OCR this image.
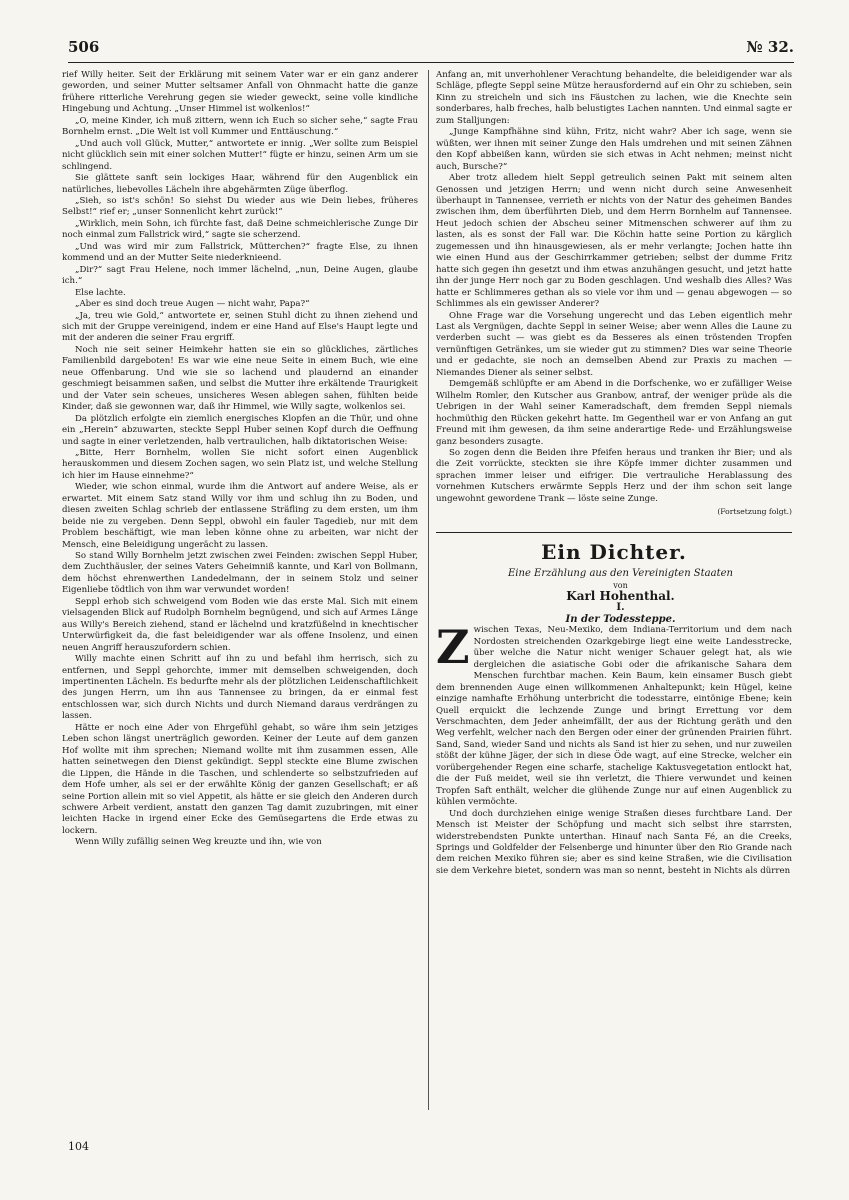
506	№ 32.

rief Willy heiter. Seit der Erklärung mit seinem Vater war er ein ganz anderer geworden, und seiner Mutter seltsamer Anfall von Ohnmacht hatte die ganze frühere ritterliche Verehrung gegen sie wieder geweckt, seine volle kindliche Hingebung und Achtung. „Unser Himmel ist wolkenlos!“

„O, meine Kinder, ich muß zittern, wenn ich Euch so sicher sehe,“ sagte Frau Bornhelm ernst. „Die Welt ist voll Kummer und Enttäuschung.“

„Und auch voll Glück, Mutter,“ antwortete er innig. „Wer sollte zum Beispiel nicht glücklich sein mit einer solchen Mutter!“ fügte er hinzu, seinen Arm um sie schlingend.

Sie glättete sanft sein lockiges Haar, während für den Augenblick ein natürliches, liebevolles Lächeln ihre abgehärmten Züge überflog.

„Sieh, so ist's schön! So siehst Du wieder aus wie Dein liebes, früheres Selbst!“ rief er; „unser Sonnenlicht kehrt zurück!“

„Wirklich, mein Sohn, ich fürchte fast, daß Deine schmeichlerische Zunge Dir noch einmal zum Fallstrick wird,“ sagte sie scherzend.

„Und was wird mir zum Fallstrick, Mütterchen?“ fragte Else, zu ihnen kommend und an der Mutter Seite niederknieend.

„Dir?“ sagt Frau Helene, noch immer lächelnd, „nun, Deine Augen, glaube ich.“

Else lachte.

„Aber es sind doch treue Augen — nicht wahr, Papa?“

„Ja, treu wie Gold,“ antwortete er, seinen Stuhl dicht zu ihnen ziehend und sich mit der Gruppe vereinigend, indem er eine Hand auf Else's Haupt legte und mit der anderen die seiner Frau ergriff.

Noch nie seit seiner Heimkehr hatten sie ein so glückliches, zärtliches Familienbild dargeboten! Es war wie eine neue Seite in einem Buch, wie eine neue Offenbarung. Und wie sie so lachend und plaudernd an einander geschmiegt beisammen saßen, und selbst die Mutter ihre erkältende Traurigkeit und der Vater sein scheues, unsicheres Wesen ablegen sahen, fühlten beide Kinder, daß sie gewonnen war, daß ihr Himmel, wie Willy sagte, wolkenlos sei.

Da plötzlich erfolgte ein ziemlich energisches Klopfen an die Thür, und ohne ein „Herein“ abzuwarten, steckte Seppl Huber seinen Kopf durch die Oeffnung und sagte in einer verletzenden, halb vertraulichen, halb diktatorischen Weise:

„Bitte, Herr Bornhelm, wollen Sie nicht sofort einen Augenblick herauskommen und diesem Zochen sagen, wo sein Platz ist, und welche Stellung ich hier im Hause einnehme?“

Wieder, wie schon einmal, wurde ihm die Antwort auf andere Weise, als er erwartet. Mit einem Satz stand Willy vor ihm und schlug ihn zu Boden, und diesen zweiten Schlag schrieb der entlassene Sträfling zu dem ersten, um ihm beide nie zu vergeben. Denn Seppl, obwohl ein fauler Tagedieb, nur mit dem Problem beschäftigt, wie man leben könne ohne zu arbeiten, war nicht der Mensch, eine Beleidigung ungerächt zu lassen.

So stand Willy Bornhelm jetzt zwischen zwei Feinden: zwischen Seppl Huber, dem Zuchthäusler, der seines Vaters Geheimniß kannte, und Karl von Bollmann, dem höchst ehrenwerthen Landedelmann, der in seinem Stolz und seiner Eigenliebe tödtlich von ihm war verwundet worden!

Seppl erhob sich schweigend vom Boden wie das erste Mal. Sich mit einem vielsagenden Blick auf Rudolph Bornhelm begnügend, und sich auf Armes Länge aus Willy's Bereich ziehend, stand er lächelnd und kratzfüßelnd in knechtischer Unterwürfigkeit da, die fast beleidigender war als offene Insolenz, und einen neuen Angriff herauszufordern schien.

Willy machte einen Schritt auf ihn zu und befahl ihm herrisch, sich zu entfernen, und Seppl gehorchte, immer mit demselben schweigenden, doch impertinenten Lächeln. Es bedurfte mehr als der plötzlichen Leidenschaftlichkeit des jungen Herrn, um ihn aus Tannensee zu bringen, da er einmal fest entschlossen war, sich durch Nichts und durch Niemand daraus verdrängen zu lassen.

Hätte er noch eine Ader von Ehrgefühl gehabt, so wäre ihm sein jetziges Leben schon längst unerträglich geworden. Keiner der Leute auf dem ganzen Hof wollte mit ihm sprechen; Niemand wollte mit ihm zusammen essen, Alle hatten seinetwegen den Dienst gekündigt. Seppl steckte eine Blume zwischen die Lippen, die Hände in die Taschen, und schlenderte so selbstzufrieden auf dem Hofe umher, als sei er der erwählte König der ganzen Gesellschaft; er aß seine Portion allein mit so viel Appetit, als hätte er sie gleich den Anderen durch schwere Arbeit verdient, anstatt den ganzen Tag damit zuzubringen, mit einer leichten Hacke in irgend einer Ecke des Gemüsegartens die Erde etwas zu lockern.

Wenn Willy zufällig seinen Weg kreuzte und ihn, wie von

Anfang an, mit unverhohlener Verachtung behandelte, die beleidigender war als Schläge, pflegte Seppl seine Mütze herausfordernd auf ein Ohr zu schieben, sein Kinn zu streicheln und sich ins Fäustchen zu lachen, wie die Knechte sein sonderbares, halb freches, halb belustigtes Lachen nannten. Und einmal sagte er zum Stalljungen:

„Junge Kampfhähne sind kühn, Fritz, nicht wahr? Aber ich sage, wenn sie wüßten, wer ihnen mit seiner Zunge den Hals umdrehen und mit seinen Zähnen den Kopf abbeißen kann, würden sie sich etwas in Acht nehmen; meinst nicht auch, Bursche?“

Aber trotz alledem hielt Seppl getreulich seinen Pakt mit seinem alten Genossen und jetzigen Herrn; und wenn nicht durch seine Anwesenheit überhaupt in Tannensee, verrieth er nichts von der Natur des geheimen Bandes zwischen ihm, dem überführten Dieb, und dem Herrn Bornhelm auf Tannensee. Heut jedoch schien der Abscheu seiner Mitmenschen schwerer auf ihm zu lasten, als es sonst der Fall war. Die Köchin hatte seine Portion zu kärglich zugemessen und ihn hinausgewiesen, als er mehr verlangte; Jochen hatte ihn wie einen Hund aus der Geschirrkammer getrieben; selbst der dumme Fritz hatte sich gegen ihn gesetzt und ihm etwas anzuhängen gesucht, und jetzt hatte ihn der junge Herr noch gar zu Boden geschlagen. Und weshalb dies Alles? Was hatte er Schlimmeres gethan als so viele vor ihm und — genau abgewogen — so Schlimmes als ein gewisser Anderer?

Ohne Frage war die Vorsehung ungerecht und das Leben eigentlich mehr Last als Vergnügen, dachte Seppl in seiner Weise; aber wenn Alles die Laune zu verderben sucht — was giebt es da Besseres als einen tröstenden Tropfen vernünftigen Getränkes, um sie wieder gut zu stimmen? Dies war seine Theorie und er gedachte, sie noch an demselben Abend zur Praxis zu machen — Niemandes Diener als seiner selbst.

Demgemäß schlüpfte er am Abend in die Dorfschenke, wo er zufälliger Weise Wilhelm Romler, den Kutscher aus Granbow, antraf, der weniger prüde als die Uebrigen in der Wahl seiner Kameradschaft, dem fremden Seppl niemals hochmüthig den Rücken gekehrt hatte. Im Gegentheil war er von Anfang an gut Freund mit ihm gewesen, da ihm seine anderartige Rede- und Erzählungsweise ganz besonders zusagte.

So zogen denn die Beiden ihre Pfeifen heraus und tranken ihr Bier; und als die Zeit vorrückte, steckten sie ihre Köpfe immer dichter zusammen und sprachen immer leiser und eifriger. Die vertrauliche Herablassung des vornehmen Kutschers erwärmte Seppls Herz und der ihm schon seit lange ungewohnt gewordene Trank — löste seine Zunge.

(Fortsetzung folgt.)
Ein Dichter.

Eine Erzählung aus den Vereinigten Staaten

von

Karl Hohenthal.

I.

In der Todessteppe.

Zwischen Texas, Neu-Mexiko, dem Indiana-Territorium und dem nach Nordosten streichenden Ozarkgebirge liegt eine weite Landesstrecke, über welche die Natur nicht weniger Schauer gelegt hat, als wie dergleichen die asiatische Gobi oder die afrikanische Sahara dem Menschen furchtbar machen. Kein Baum, kein einsamer Busch giebt dem brennenden Auge einen willkommenen Anhaltepunkt; kein Hügel, keine einzige namhafte Erhöhung unterbricht die todesstarre, eintönige Ebene; kein Quell erquickt die lechzende Zunge und bringt Errettung vor dem Verschmachten, dem Jeder anheimfällt, der aus der Richtung geräth und den Weg verfehlt, welcher nach den Bergen oder einer der grünenden Prairien führt. Sand, Sand, wieder Sand und nichts als Sand ist hier zu sehen, und nur zuweilen stößt der kühne Jäger, der sich in diese Öde wagt, auf eine Strecke, welcher ein vorübergehender Regen eine scharfe, stachelige Kaktusvegetation entlockt hat, die der Fuß meidet, weil sie ihn verletzt, die Thiere verwundet und keinen Tropfen Saft enthält, welcher die glühende Zunge nur auf einen Augenblick zu kühlen vermöchte.

Und doch durchziehen einige wenige Straßen dieses furchtbare Land. Der Mensch ist Meister der Schöpfung und macht sich selbst ihre starrsten, widerstrebendsten Punkte unterthan. Hinauf nach Santa Fé, an die Creeks, Springs und Goldfelder der Felsenberge und hinunter über den Rio Grande nach dem reichen Mexiko führen sie; aber es sind keine Straßen, wie die Civilisation sie dem Verkehre bietet, sondern was man so nennt, besteht in Nichts als dürren

104
